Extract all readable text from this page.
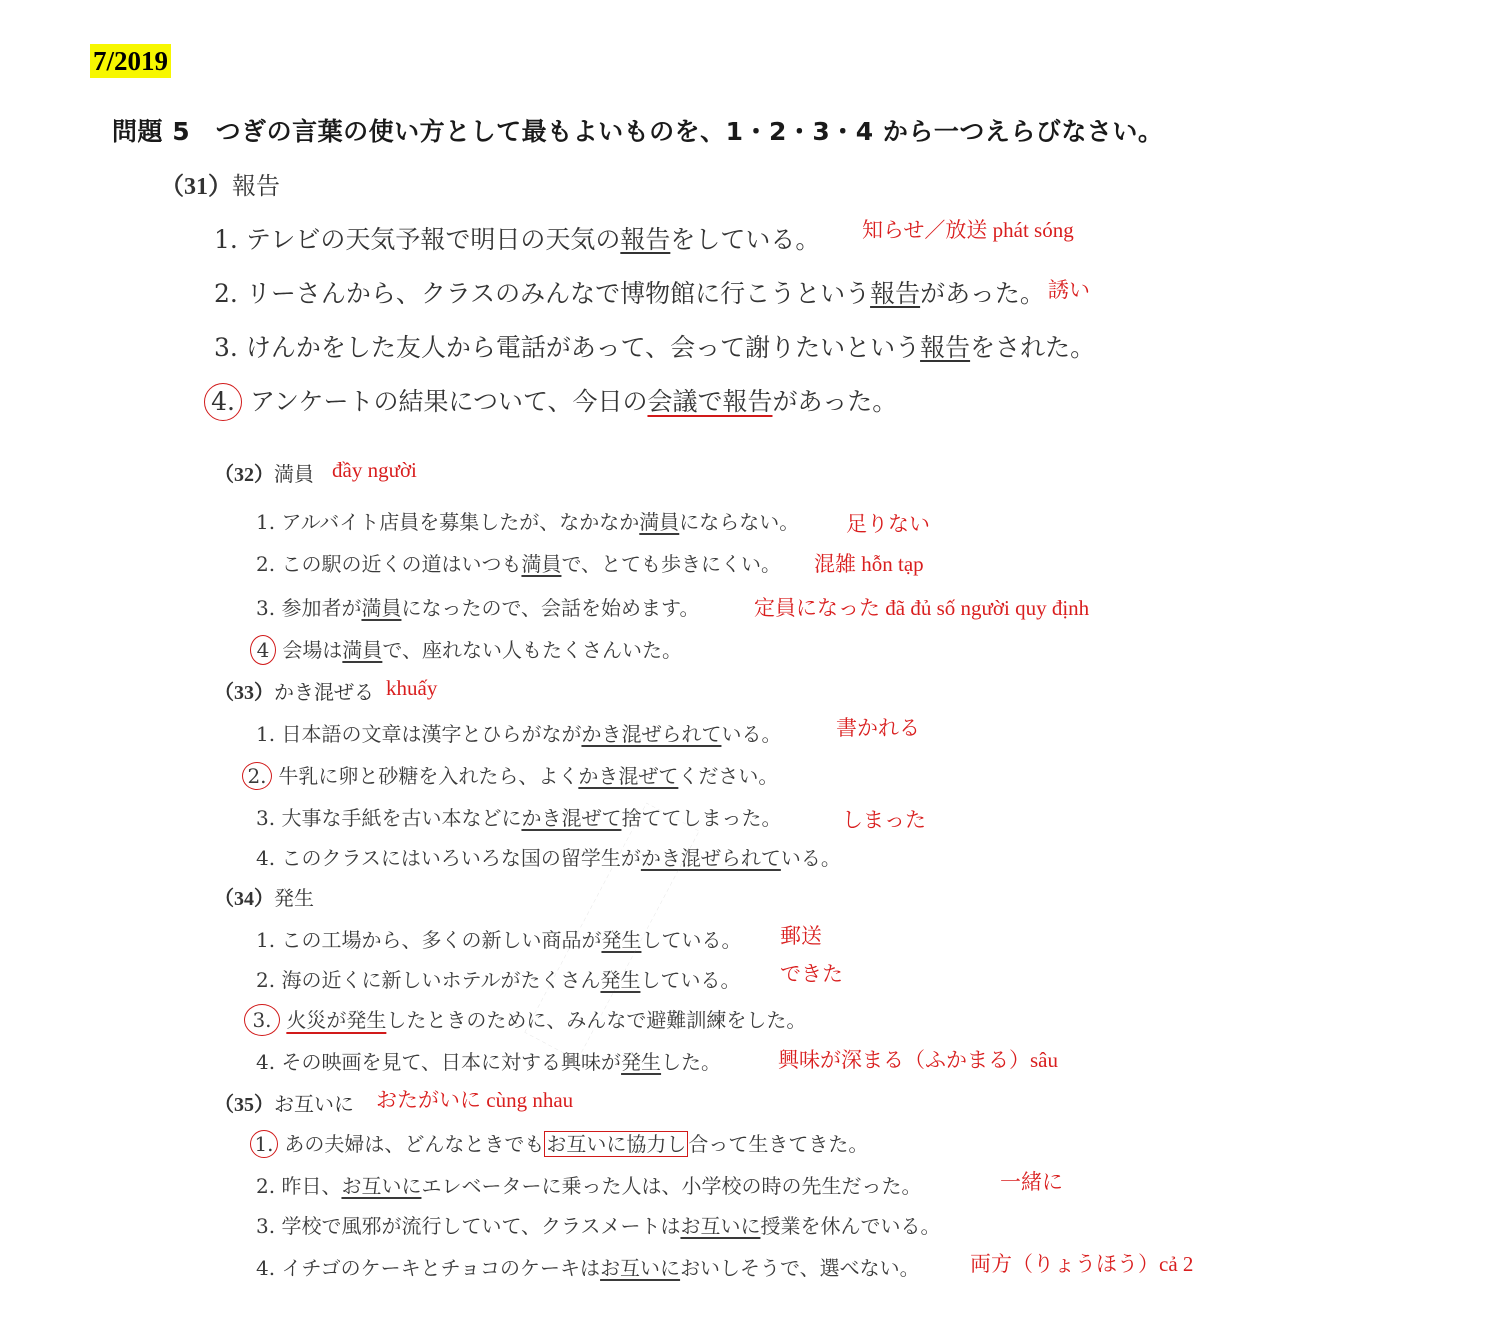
7/2019
問題 5　つぎの言葉の使い方として最もよいものを、1・2・3・4 から一つえらびなさい。
（31）報告
1. テレビの天気予報で明日の天気の報告をしている。 知らせ／放送 phát sóng
2. リーさんから、クラスのみんなで博物館に行こうという報告があった。 誘い
3. けんかをした友人から電話があって、会って謝りたいという報告をされた。
4. アンケートの結果について、今日の会議で報告があった。
（32）満員 đầy người
1. アルバイト店員を募集したが、なかなか満員にならない。 足りない
2. この駅の近くの道はいつも満員で、とても歩きにくい。 混雑 hỗn tạp
3. 参加者が満員になったので、会話を始めます。	定員になった đã đủ số người quy định
4 会場は満員で、座れない人もたくさんいた。
（33）かき混ぜる khuấy
1. 日本語の文章は漢字とひらがながかき混ぜられている。	書かれる
2. 牛乳に卵と砂糖を入れたら、よくかき混ぜてください。
3. 大事な手紙を古い本などにかき混ぜて捨ててしまった。	しまった
4. このクラスにはいろいろな国の留学生がかき混ぜられている。
（34）発生
1. この工場から、多くの新しい商品が発生している。 郵送
2. 海の近くに新しいホテルがたくさん発生している。 できた
3. 火災が発生したときのために、みんなで避難訓練をした。
4. その映画を見て、日本に対する興味が発生した。	興味が深まる（ふかまる）sâu
（35）お互いに おたがいに cùng nhau
1. あの夫婦は、どんなときでも お互いに協力し 合って生きてきた。
2. 昨日、お互いにエレベーターに乗った人は、小学校の時の先生だった。	一緒に
3. 学校で風邪が流行していて、クラスメートはお互いに授業を休んでいる。
4. イチゴのケーキとチョコのケーキはお互いにおいしそうで、選べない。 両方（りょうほう）cả 2
